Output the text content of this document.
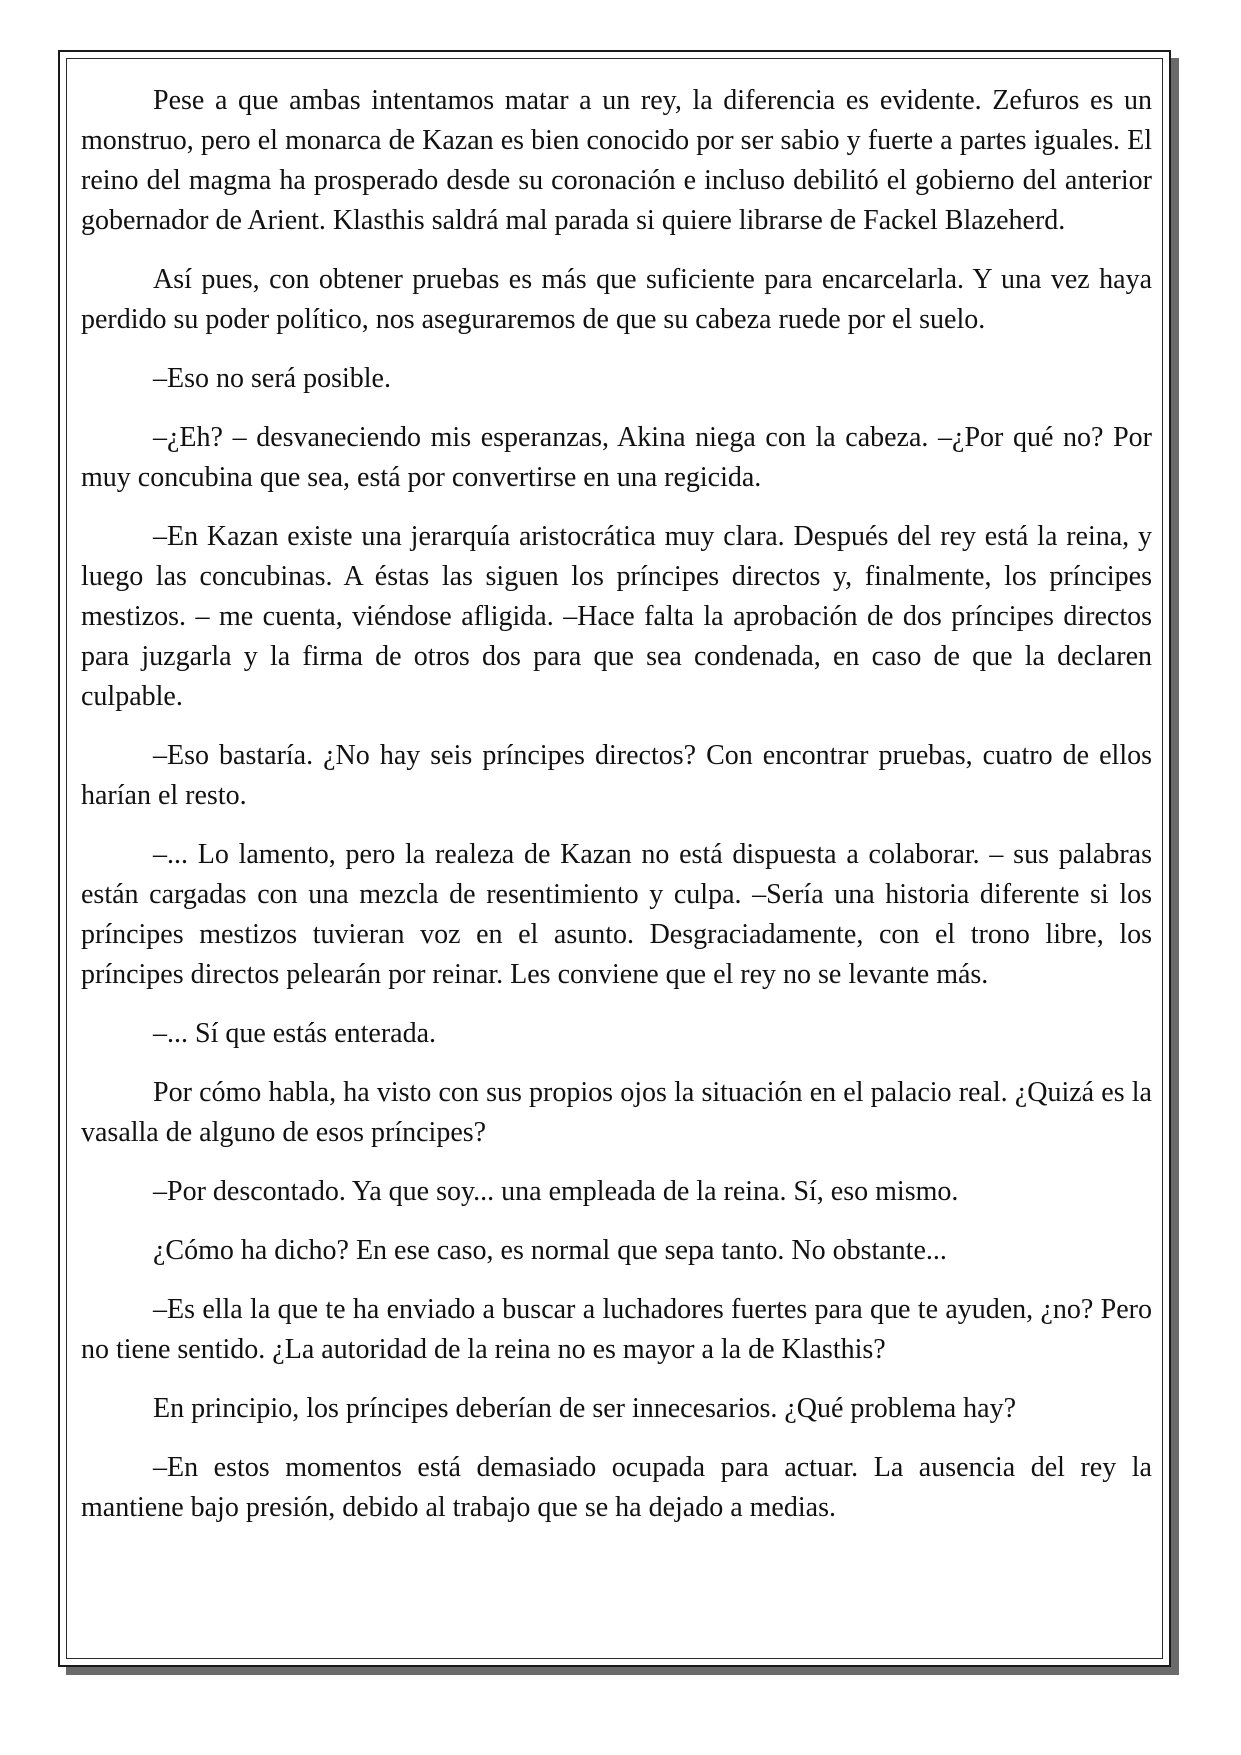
Pese a que ambas intentamos matar a un rey, la diferencia es evidente. Zefuros es un monstruo, pero el monarca de Kazan es bien conocido por ser sabio y fuerte a partes iguales. El reino del magma ha prosperado desde su coronación e incluso debilitó el gobierno del anterior gobernador de Arient. Klasthis saldrá mal parada si quiere librarse de Fackel Blazeherd.

Así pues, con obtener pruebas es más que suficiente para encarcelarla. Y una vez haya perdido su poder político, nos aseguraremos de que su cabeza ruede por el suelo.

–Eso no será posible.

–¿Eh? – desvaneciendo mis esperanzas, Akina niega con la cabeza. –¿Por qué no? Por muy concubina que sea, está por convertirse en una regicida.

–En Kazan existe una jerarquía aristocrática muy clara. Después del rey está la reina, y luego las concubinas. A éstas las siguen los príncipes directos y, finalmente, los príncipes mestizos. – me cuenta, viéndose afligida. –Hace falta la aprobación de dos príncipes directos para juzgarla y la firma de otros dos para que sea condenada, en caso de que la declaren culpable.

–Eso bastaría. ¿No hay seis príncipes directos? Con encontrar pruebas, cuatro de ellos harían el resto.

–... Lo lamento, pero la realeza de Kazan no está dispuesta a colaborar. – sus palabras están cargadas con una mezcla de resentimiento y culpa. –Sería una historia diferente si los príncipes mestizos tuvieran voz en el asunto. Desgraciadamente, con el trono libre, los príncipes directos pelearán por reinar. Les conviene que el rey no se levante más.

–... Sí que estás enterada.

Por cómo habla, ha visto con sus propios ojos la situación en el palacio real. ¿Quizá es la vasalla de alguno de esos príncipes?

–Por descontado. Ya que soy... una empleada de la reina. Sí, eso mismo.

¿Cómo ha dicho? En ese caso, es normal que sepa tanto. No obstante...

–Es ella la que te ha enviado a buscar a luchadores fuertes para que te ayuden, ¿no? Pero no tiene sentido. ¿La autoridad de la reina no es mayor a la de Klasthis?

En principio, los príncipes deberían de ser innecesarios. ¿Qué problema hay?

–En estos momentos está demasiado ocupada para actuar. La ausencia del rey la mantiene bajo presión, debido al trabajo que se ha dejado a medias.
